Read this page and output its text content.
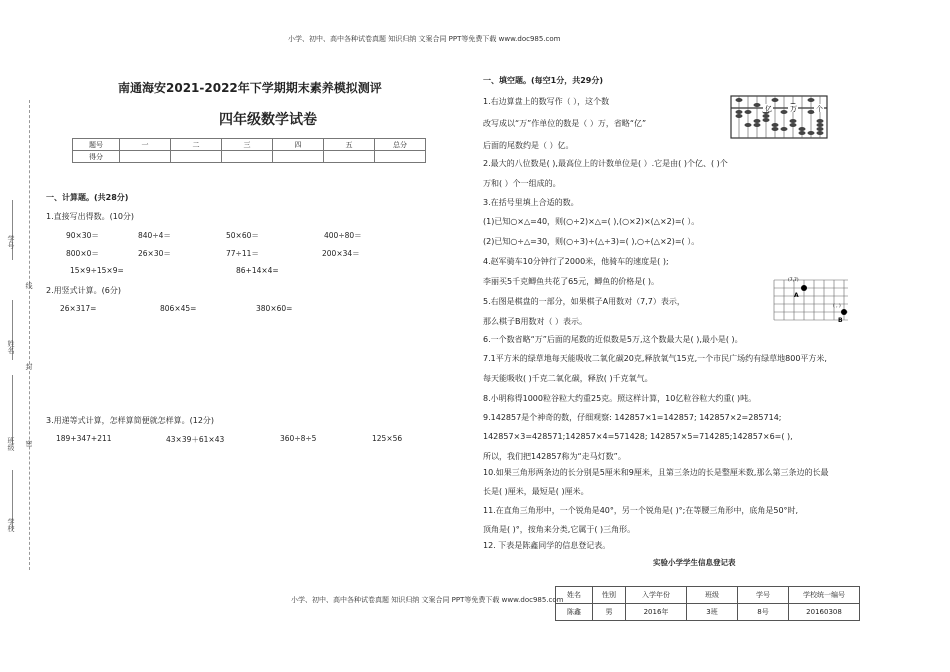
小学、初中、高中各种试卷真题 知识归纳 文案合同 PPT等免费下载 www.doc985.com
学号
线
姓名
封
班级 密
学校
南通海安2021-2022年下学期期末素养模拟测评
四年级数学试卷
题号	一	二	三	四	五	总分
得分						
一、计算题。(共28分)
1.直接写出得数。(10分)
90×30＝	840÷4＝	50×60＝	400÷80＝
800×0＝	26×30＝	77÷11＝	200×34＝
15×9÷15×9=	86+14×4=
2.用竖式计算。(6分)
26×317=	806×45=	380×60=
3.用递等式计算，怎样算简便就怎样算。(12分)
189+347+211	43×39＋61×43	360÷8÷5	125×56
一、填空题。(每空1分，共29分)
1.右边算盘上的数写作（ ），这个数
改写成以“万”作单位的数是（ ）万，省略“亿”
后面的尾数约是（ ）亿。
2.最大的八位数是( ),最高位上的计数单位是( ）.它是由( )个亿、( )个
万和( ）个一组成的。
3.在括号里填上合适的数。
(1)已知○×△=40，则(○÷2)×△=( ),(○×2)×(△×2)=( ）。
(2)已知○÷△=30，则(○÷3)÷(△÷3)=( ),○÷(△×2)=( ）。
4.赵军骑车10分钟行了2000米，他骑车的速度是( );
李丽买5千克鲫鱼共花了65元，鲫鱼的价格是( )。
5.右图是棋盘的一部分，如果棋子A用数对（7,7）表示，
那么棋子B用数对（ ）表示。
6.一个数省略“万”后面的尾数的近似数是5万,这个数最大是( ),最小是( )。
7.1平方米的绿草地每天能吸收二氧化碳20克,释放氧气15克,一个市民广场约有绿草地800平方米,
每天能吸收( )千克二氧化碳，释放( )千克氧气。
8.小明称得1000粒谷粒大约重25克。照这样计算，10亿粒谷粒大约重( )吨。
9.142857是个神奇的数，仔细观察: 142857×1=142857; 142857×2=285714;
142857×3=428571;142857×4=571428; 142857×5=714285;142857×6=( ),
所以，我们把142857称为“走马灯数”。
10.如果三角形两条边的长分别是5厘米和9厘米，且第三条边的长是整厘米数,那么第三条边的长最
长是( )厘米，最短是( )厘米。
11.在直角三角形中，一个锐角是40°，另一个锐角是( )°;在等腰三角形中，底角是50°时,
顶角是( )°，按角来分类,它属于( )三角形。
12. 下表是陈鑫同学的信息登记表。
亿	万	个
(7,7)
A
( , )
B
实验小学学生信息登记表
姓名	性别	入学年份	班级	学号	学校统一编号
陈鑫	男	2016年	3班	8号	20160308
小学、初中、高中各种试卷真题 知识归纳 文案合同 PPT等免费下载 www.doc985.com
